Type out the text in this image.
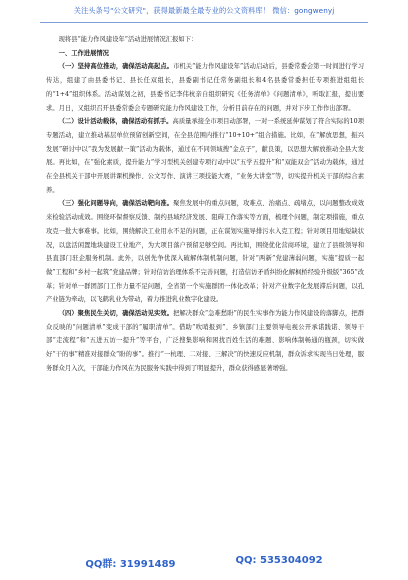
关注头条号"公文研究"，获得最新最全最专业的公文资料库！ 微信：gongwenyj

现将县“能力作风建设年”活动进展情况汇报如下：

一、工作进展情况

（一）坚持高位推动，确保活动高起点。市机关“能力作风建设年”活动启动后，县委常委会第一时间进行学习传达，组建了由县委书记、县长任双组长，县委副书记任常务副组长和4名县委常委担任专项推进组组长的“1+4”组织体系。活动谋划之初，县委书记李伟杭亲自组织研究《任务清单》《问题清单》，听取汇报，提出要求。月日，又组织召开县委常委会专题研究能力作风建设工作，分析目前存在的问题，并对下步工作作出部署。

（二）设计活动载体，确保活动有抓手。高质量承接全市项目动部署，一对一系统延伸谋划了符合实际的10项专题活动，建立推动基层单位预留创新空间，在全县范围内推行“10+10+”组合措施。比如，在“解放思想，振兴发展”研讨中以“我为发展献一策”活动为载体，通过在不同领域搜“金点子”，献良策，以思想大解放推动全县大发展。再比如，在“强化素质，提升能力”学习型机关创建专项行动中以“五学五提升”和“双能双会”活动为载体，通过在全县机关干部中开展讲课机操作、公文写作、演讲三项技能大赛，“业务大讲堂”等，切实提升机关干部的综合素养。

（三）强化问题导向，确保活动靶向准。聚焦发展中的重点问题，攻难点、治痛点、疏堵点，以问题整改成效来检验活动成效。围绕环保督察反馈、制约县域经济发展、阻碍工作落实等方面，梳理个问题，制定项措施，重点攻克一批大事难事。比如，围绕解决工业用水不足的问题，正在谋划实施导排污水入克工程；针对项目用地短缺状况，以盘活闲置地块建设工业地产，为大项目落户预留足够空间。再比如，围绕优化营商环境，建立了县级领导和县直部门驻企服务机制。此外，以创先争优深入破解体制机制问题，针对“两新”党建薄弱问题，实施“提质一起做”工程和“乡村一起筑”党建品牌；针对信访治理体系不完善问题，打造信访矛盾纠纷化解枫桥经验升级版“365”改革；针对单一群团部门工作力量不足问题，全省第一个实施群团一体化改革；针对产业数字化发展滞后问题，以孔产业链为牵动，以飞鹤乳业为带动，着力推进乳业数字化建设。

（四）聚焦民生关切，确保活动见实效。把解决群众“急难愁盼”的民生实事作为能力作风建设的落脚点，把群众反映的“问题清单”变成干部的“履职清单”。借助“吹哨报到”、乡镇部门主要领导电视公开承诺践诺、领导干部“走流程”和“五进五访一提升”等平台，广泛搜集影响和困扰百姓生活的难题、影响体制畅通的瓶颈，切实做好“干的事”精准对接群众“盼的事”。推行“一杭理、二对接、三解决”的快速反应机制，群众诉求实现当日处理，服务群众月入次，干部能力作风在为民服务实践中得到了明显提升，群众获得感显著增强。

QQ群: 31991489	QQ: 535304092
